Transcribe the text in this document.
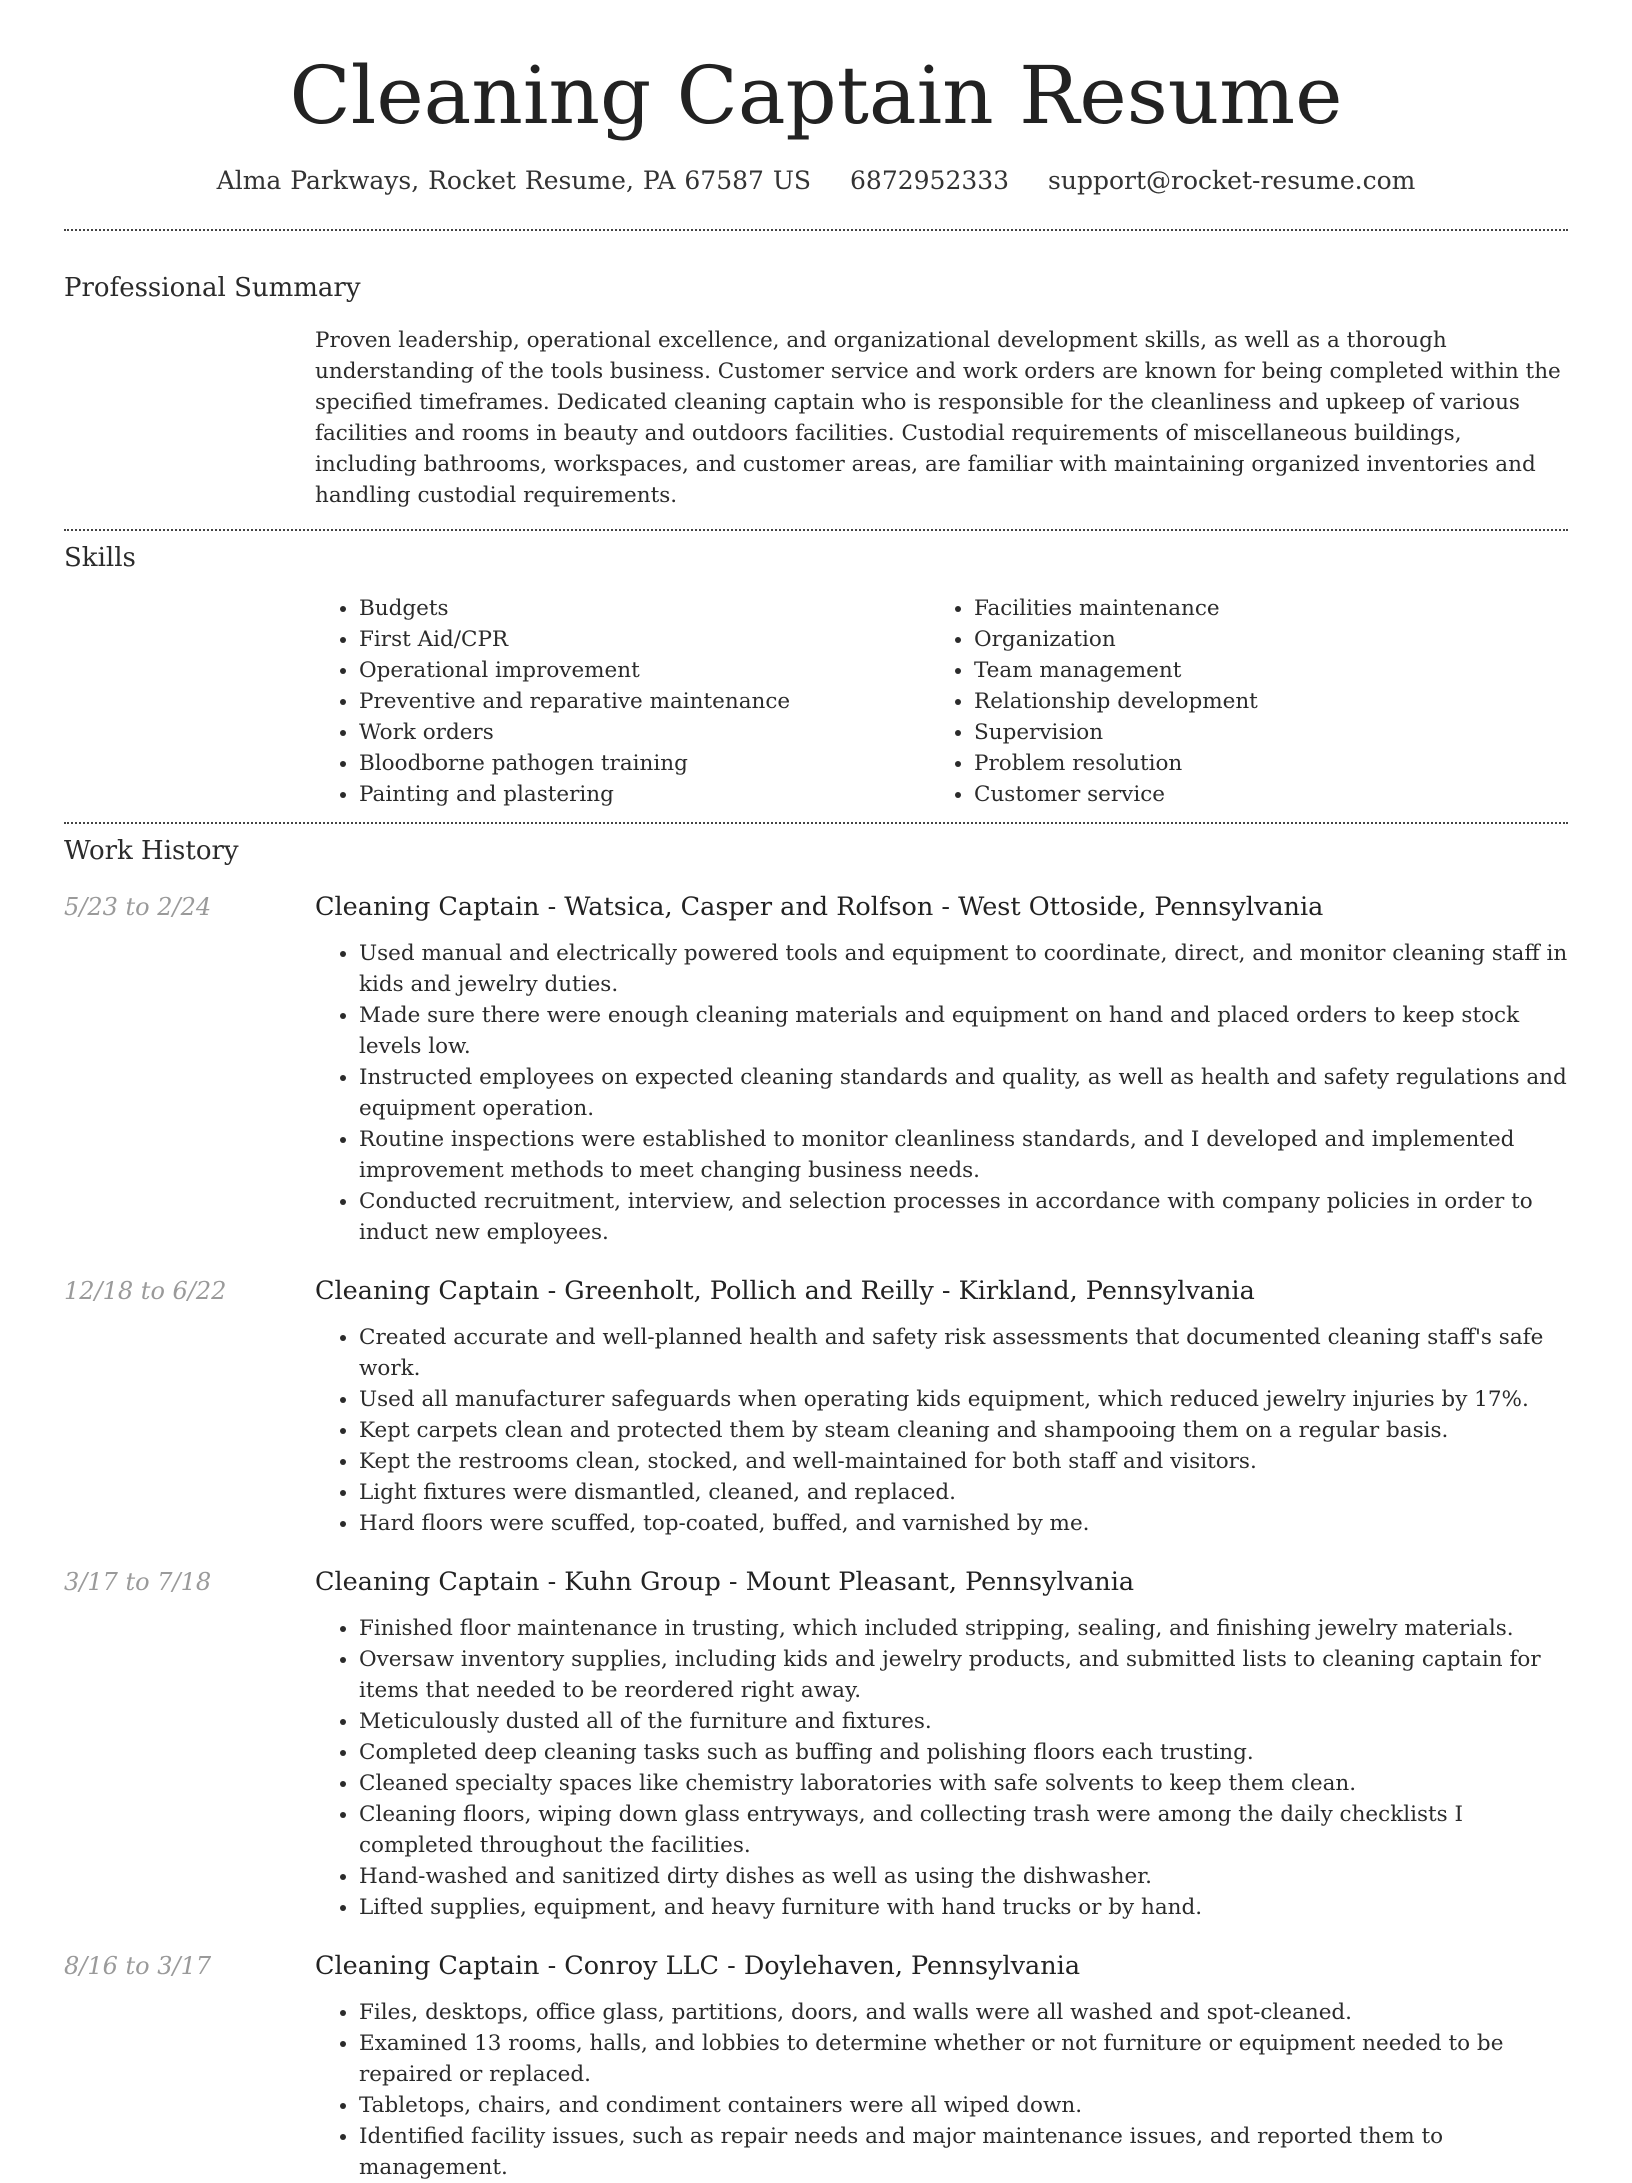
Cleaning Captain Resume
Alma Parkways, Rocket Resume, PA 67587 US 6872952333 support@rocket-resume.com
Professional Summary
Proven leadership, operational excellence, and organizational development skills, as well as a thorough understanding of the tools business. Customer service and work orders are known for being completed within the specified timeframes. Dedicated cleaning captain who is responsible for the cleanliness and upkeep of various facilities and rooms in beauty and outdoors facilities. Custodial requirements of miscellaneous buildings, including bathrooms, workspaces, and customer areas, are familiar with maintaining organized inventories and handling custodial requirements.
Skills
• Budgets
• First Aid/CPR
• Operational improvement
• Preventive and reparative maintenance
• Work orders
• Bloodborne pathogen training
• Painting and plastering
• Facilities maintenance
• Organization
• Team management
• Relationship development
• Supervision
• Problem resolution
• Customer service
Work History
5/23 to 2/24	Cleaning Captain - Watsica, Casper and Rolfson - West Ottoside, Pennsylvania
• Used manual and electrically powered tools and equipment to coordinate, direct, and monitor cleaning staff in kids and jewelry duties.
• Made sure there were enough cleaning materials and equipment on hand and placed orders to keep stock levels low.
• Instructed employees on expected cleaning standards and quality, as well as health and safety regulations and equipment operation.
• Routine inspections were established to monitor cleanliness standards, and I developed and implemented improvement methods to meet changing business needs.
• Conducted recruitment, interview, and selection processes in accordance with company policies in order to induct new employees.
12/18 to 6/22	Cleaning Captain - Greenholt, Pollich and Reilly - Kirkland, Pennsylvania
• Created accurate and well-planned health and safety risk assessments that documented cleaning staff's safe work.
• Used all manufacturer safeguards when operating kids equipment, which reduced jewelry injuries by 17%.
• Kept carpets clean and protected them by steam cleaning and shampooing them on a regular basis.
• Kept the restrooms clean, stocked, and well-maintained for both staff and visitors.
• Light fixtures were dismantled, cleaned, and replaced.
• Hard floors were scuffed, top-coated, buffed, and varnished by me.
3/17 to 7/18	Cleaning Captain - Kuhn Group - Mount Pleasant, Pennsylvania
• Finished floor maintenance in trusting, which included stripping, sealing, and finishing jewelry materials.
• Oversaw inventory supplies, including kids and jewelry products, and submitted lists to cleaning captain for items that needed to be reordered right away.
• Meticulously dusted all of the furniture and fixtures.
• Completed deep cleaning tasks such as buffing and polishing floors each trusting.
• Cleaned specialty spaces like chemistry laboratories with safe solvents to keep them clean.
• Cleaning floors, wiping down glass entryways, and collecting trash were among the daily checklists I completed throughout the facilities.
• Hand-washed and sanitized dirty dishes as well as using the dishwasher.
• Lifted supplies, equipment, and heavy furniture with hand trucks or by hand.
8/16 to 3/17	Cleaning Captain - Conroy LLC - Doylehaven, Pennsylvania
• Files, desktops, office glass, partitions, doors, and walls were all washed and spot-cleaned.
• Examined 13 rooms, halls, and lobbies to determine whether or not furniture or equipment needed to be repaired or replaced.
• Tabletops, chairs, and condiment containers were all wiped down.
• Identified facility issues, such as repair needs and major maintenance issues, and reported them to management.
